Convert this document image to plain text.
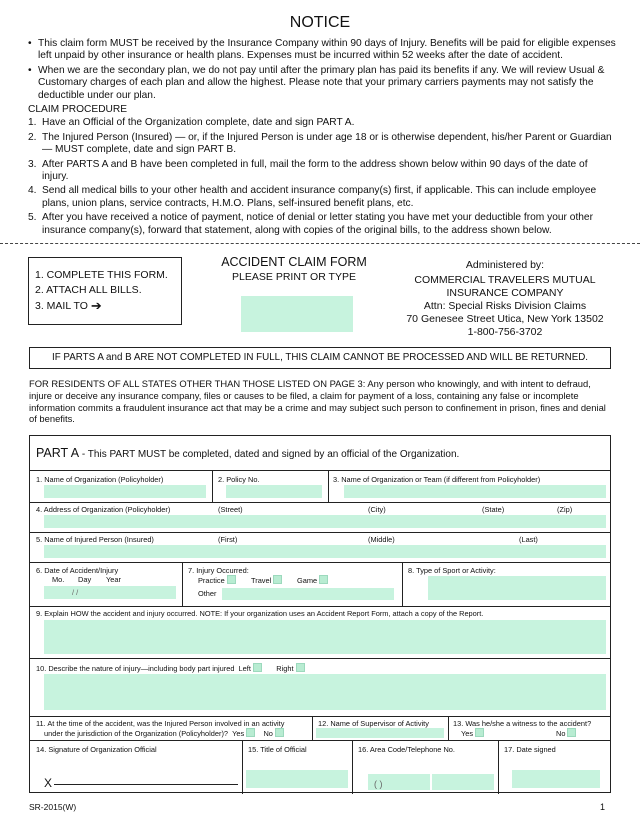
NOTICE
• This claim form MUST be received by the Insurance Company within 90 days of Injury. Benefits will be paid for eligible expenses left unpaid by other insurance or health plans. Expenses must be incurred within 52 weeks after the date of accident.
• When we are the secondary plan, we do not pay until after the primary plan has paid its benefits if any. We will review Usual & Customary charges of each plan and allow the highest. Please note that your primary carriers payments may not satisfy the deductible under our plan.
CLAIM PROCEDURE
1. Have an Official of the Organization complete, date and sign PART A.
2. The Injured Person (Insured) — or, if the Injured Person is under age 18 or is otherwise dependent, his/her Parent or Guardian — MUST complete, date and sign PART B.
3. After PARTS A and B have been completed in full, mail the form to the address shown below within 90 days of the date of injury.
4. Send all medical bills to your other health and accident insurance company(s) first, if applicable. This can include employee plans, union plans, service contracts, H.M.O. Plans, self-insured benefit plans, etc.
5. After you have received a notice of payment, notice of denial or letter stating you have met your deductible from your other insurance company(s), forward that statement, along with copies of the original bills, to the address shown below.
1. COMPLETE THIS FORM.
2. ATTACH ALL BILLS.
3. MAIL TO ➔
ACCIDENT CLAIM FORM
PLEASE PRINT OR TYPE
Administered by:
COMMERCIAL TRAVELERS MUTUAL
INSURANCE COMPANY
Attn: Special Risks Division Claims
70 Genesee Street Utica, New York 13502
1-800-756-3702
IF PARTS A and B ARE NOT COMPLETED IN FULL, THIS CLAIM CANNOT BE PROCESSED AND WILL BE RETURNED.
FOR RESIDENTS OF ALL STATES OTHER THAN THOSE LISTED ON PAGE 3: Any person who knowingly, and with intent to defraud, injure or deceive any insurance company, files or causes to be filed, a claim for payment of a loss, containing any false or incomplete information commits a fraudulent insurance act that may be a crime and may subject such person to confinement in prison, fines and denial of benefits.
PART A - This PART MUST be completed, dated and signed by an official of the Organization.
1. Name of Organization (Policyholder)	2. Policy No.	3. Name of Organization or Team (if different from Policyholder)
4. Address of Organization (Policyholder)	(Street)	(City)	(State)	(Zip)
5. Name of Injured Person (Insured)	(First)	(Middle)	(Last)
6. Date of Accident/Injury
Mo. Day Year
/ /
7. Injury Occurred:
Practice	Travel	Game
Other
8. Type of Sport or Activity:
9. Explain HOW the accident and injury occurred. NOTE: If your organization uses an Accident Report Form, attach a copy of the Report.
10. Describe the nature of injury—including body part injured Left	Right
11. At the time of the accident, was the Injured Person involved in an activity
under the jurisdiction of the Organization (Policyholder)? Yes	No
12. Name of Supervisor of Activity	13. Was he/she a witness to the accident?
Yes	No
14. Signature of Organization Official
X
15. Title of Official	16. Area Code/Telephone No.
( )
17. Date signed
SR-2015(W)	1
